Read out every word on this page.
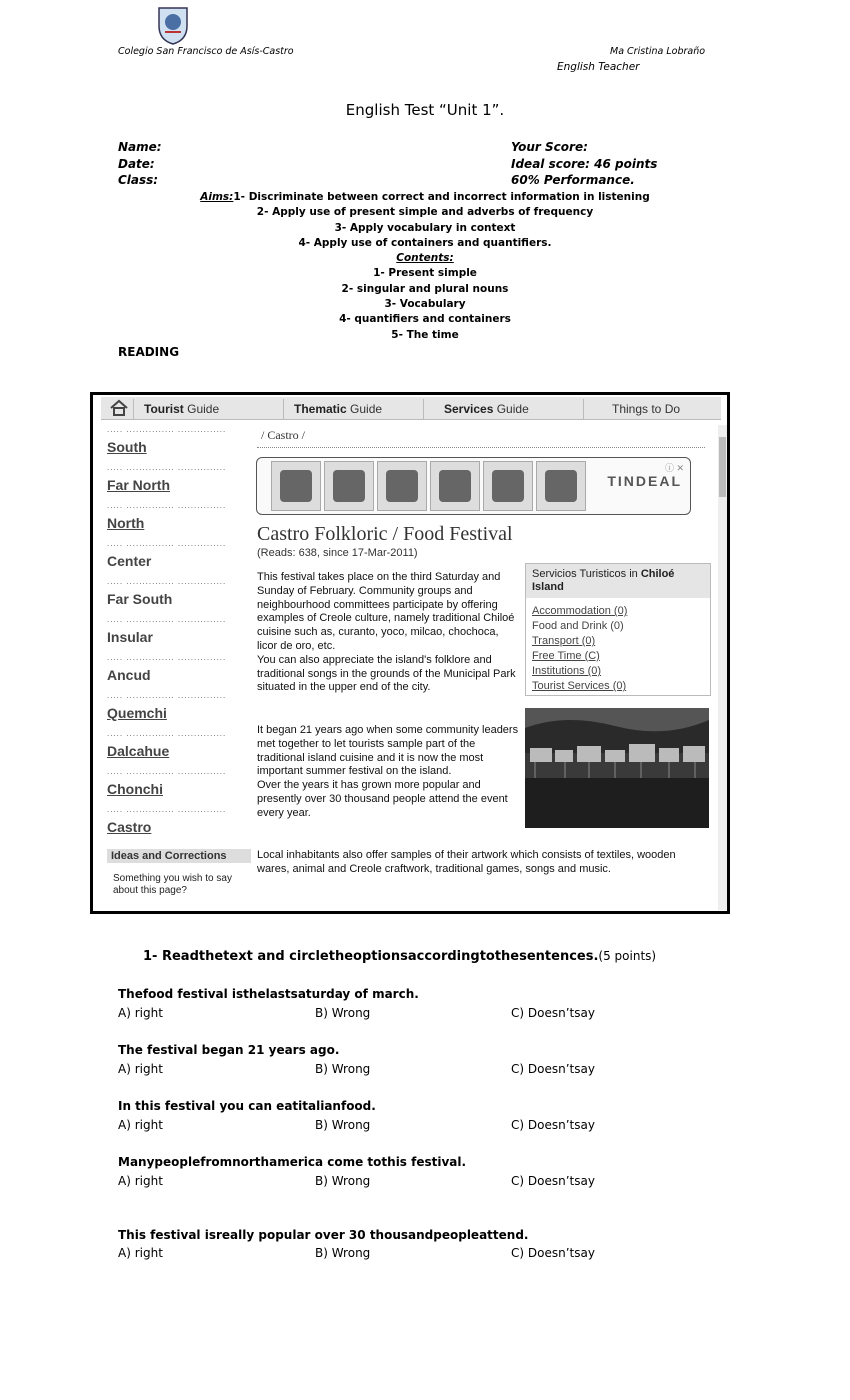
Colegio San Francisco de Asís-Castro	Ma Cristina Lobraño
English Teacher
English Test “Unit 1”.
Name:
Date:
Class:
Your Score:
Ideal score: 46 points
60% Performance.
Aims:1- Discriminate between correct and incorrect information in listening
2- Apply use of present simple and adverbs of frequency
3- Apply vocabulary in context
4- Apply use of containers and quantifiers.
Contents:
1- Present simple
2- singular and plural nouns
3- Vocabulary
4- quantifiers and containers
5- The time
READING
Tourist Guide	Thematic Guide	Services Guide	Things to Do
..... ............... ...............
South
..... ............... ...............
Far North
..... ............... ...............
North
..... ............... ...............
Center
..... ............... ...............
Far South
..... ............... ...............
Insular
..... ............... ...............
Ancud
..... ............... ...............
Quemchi
..... ............... ...............
Dalcahue
..... ............... ...............
Chonchi
..... ............... ...............
Castro
Ideas and Corrections
Something you wish to say about this page?
/ Castro /
TINDEAL
ⓘ ✕
Castro Folkloric / Food Festival
(Reads: 638, since 17-Mar-2011)
This festival takes place on the third Saturday and Sunday of February. Community groups and neighbourhood committees participate by offering examples of Creole culture, namely traditional Chiloé cuisine such as, curanto, yoco, milcao, chochoca, licor de oro, etc.
You can also appreciate the island's folklore and traditional songs in the grounds of the Municipal Park situated in the upper end of the city.
It began 21 years ago when some community leaders met together to let tourists sample part of the traditional island cuisine and it is now the most important summer festival on the island.
Over the years it has grown more popular and presently over 30 thousand people attend the event every year.
Local inhabitants also offer samples of their artwork which consists of textiles, wooden wares, animal and Creole craftwork, traditional games, songs and music.
Servicios Turisticos in Chiloé Island
Accommodation (0)
Food and Drink (0)
Transport (0)
Free Time (C)
Institutions (0)
Tourist Services (0)
1- Readthetext and circletheoptionsaccordingtothesentences.(5 points)
Thefood festival isthelastsaturday of march.
A) right	B) Wrong	C) Doesn’tsay
The festival began 21 years ago.
A) right	B) Wrong	C) Doesn’tsay
In this festival you can eatitalianfood.
A) right	B) Wrong	C) Doesn’tsay
Manypeoplefromnorthamerica come tothis festival.
A) right	B) Wrong	C) Doesn’tsay
This festival isreally popular over 30 thousandpeopleattend.
A) right	B) Wrong	C) Doesn’tsay
